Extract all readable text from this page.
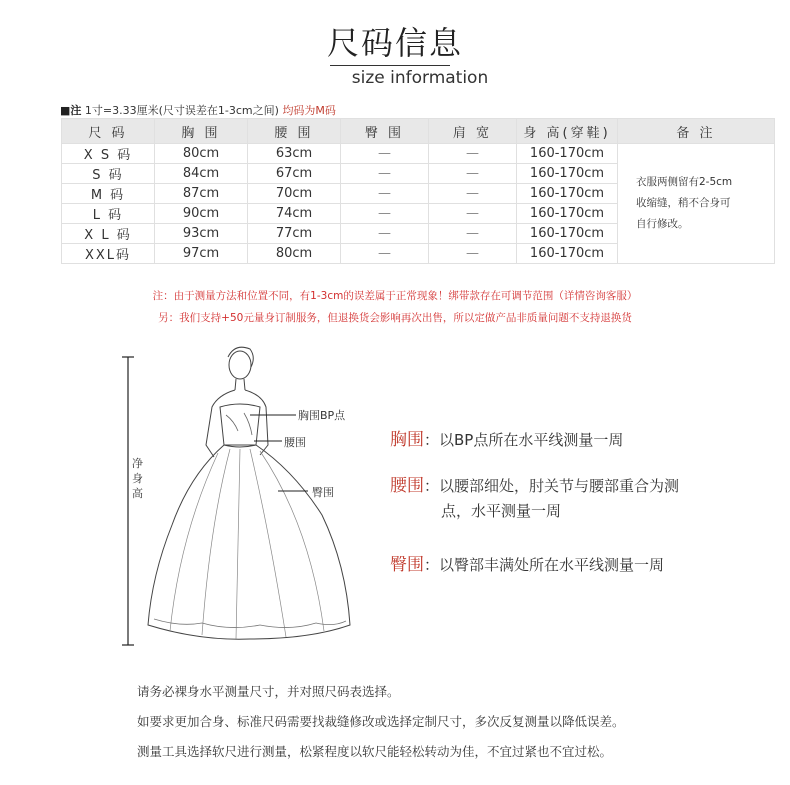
尺码信息
size information
■注 1寸=3.33厘米(尺寸误差在1-3cm之间) 均码为M码
尺 码	胸 围	腰 围	臀 围	肩 宽	身 高(穿鞋)	备 注
X S 码	80cm	63cm	—	—	160-170cm	衣服两侧留有2-5cm
收缩缝，稍不合身可
自行修改。

S 码	84cm	67cm	—	—	160-170cm	
M 码	87cm	70cm	—	—	160-170cm	
L 码	90cm	74cm	—	—	160-170cm	
X L 码	93cm	77cm	—	—	160-170cm	
XXL码	97cm	80cm	—	—	160-170cm	
注：由于测量方法和位置不同，有1-3cm的误差属于正常现象！绑带款存在可调节范围（详情咨询客服）
另：我们支持+50元量身订制服务，但退换货会影响再次出售，所以定做产品非质量问题不支持退换货
胸围BP点
腰围
臀围
净身高
胸围：以BP点所在水平线测量一周
腰围：以腰部细处，肘关节与腰部重合为测
点，水平测量一周
臀围：以臀部丰满处所在水平线测量一周
请务必裸身水平测量尺寸，并对照尺码表选择。
如要求更加合身、标准尺码需要找裁缝修改或选择定制尺寸，多次反复测量以降低误差。
测量工具选择软尺进行测量，松紧程度以软尺能轻松转动为佳，不宜过紧也不宜过松。
